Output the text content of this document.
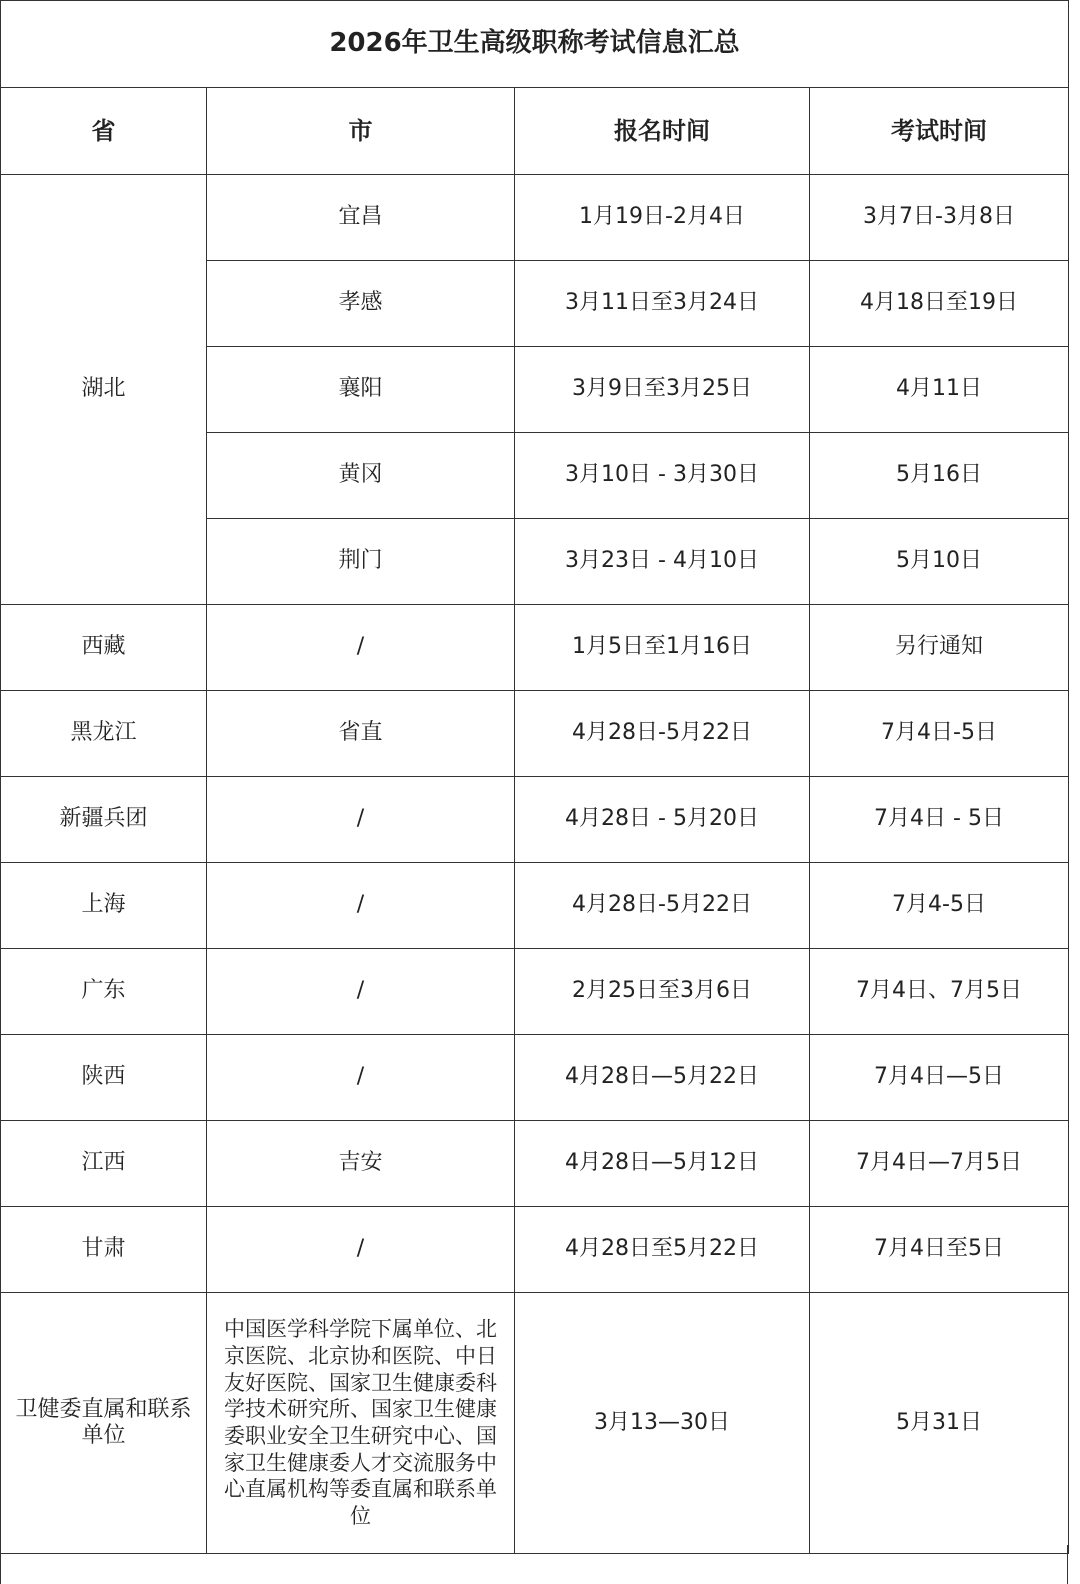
2026年卫生高级职称考试信息汇总			
省	市	报名时间	考试时间
湖北	宜昌	1月19日-2月4日	3月7日-3月8日
	孝感	3月11日至3月24日	4月18日至19日
	襄阳	3月9日至3月25日	4月11日
	黄冈	3月10日 - 3月30日	5月16日
	荆门	3月23日 - 4月10日	5月10日
西藏	/	1月5日至1月16日	另行通知
黑龙江	省直	4月28日-5月22日	7月4日-5日
新疆兵团	/	4月28日 - 5月20日	7月4日 - 5日
上海	/	4月28日-5月22日	7月4-5日
广东	/	2月25日至3月6日	7月4日、7月5日
陕西	/	4月28日—5月22日	7月4日—5日
江西	吉安	4月28日—5月12日	7月4日—7月5日
甘肃	/	4月28日至5月22日	7月4日至5日
卫健委直属和联系单位	中国医学科学院下属单位、北京医院、北京协和医院、中日友好医院、国家卫生健康委科学技术研究所、国家卫生健康委职业安全卫生研究中心、国家卫生健康委人才交流服务中心直属机构等委直属和联系单位	3月13—30日	5月31日
